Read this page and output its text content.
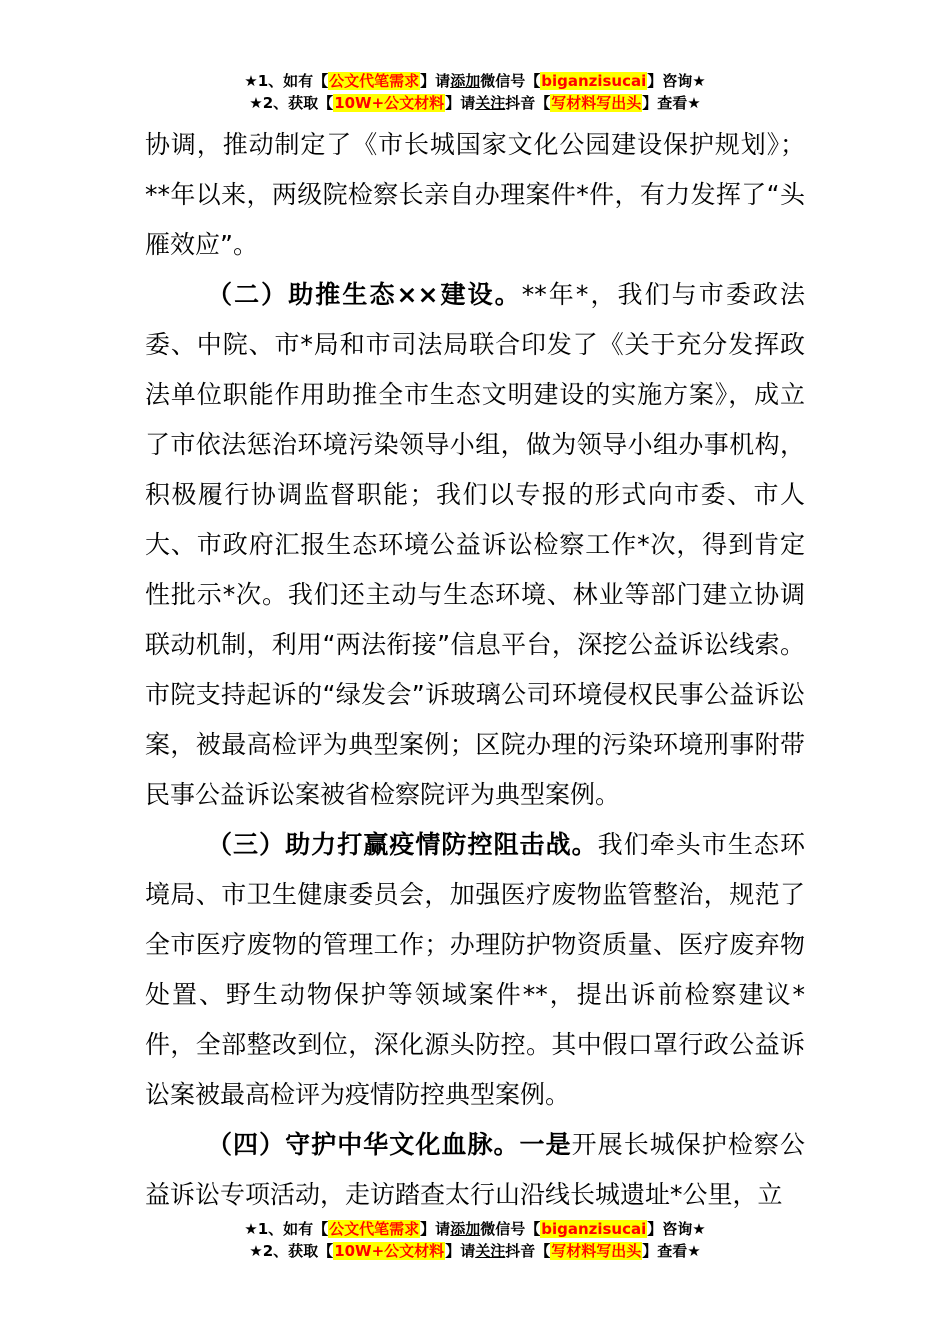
★1、如有【公文代笔需求】请添加微信号【biganzisucai】咨询★
★2、获取【10W+公文材料】请关注抖音【写材料写出头】查看★

协调，推动制定了《市长城国家文化公园建设保护规划》；**年以来，两级院检察长亲自办理案件*件，有力发挥了“头雁效应”。

（二）助推生态××建设。**年*，我们与市委政法委、中院、市*局和市司法局联合印发了《关于充分发挥政法单位职能作用助推全市生态文明建设的实施方案》，成立了市依法惩治环境污染领导小组，做为领导小组办事机构，积极履行协调监督职能；我们以专报的形式向市委、市人大、市政府汇报生态环境公益诉讼检察工作*次，得到肯定性批示*次。我们还主动与生态环境、林业等部门建立协调联动机制，利用“两法衔接”信息平台，深挖公益诉讼线索。市院支持起诉的“绿发会”诉玻璃公司环境侵权民事公益诉讼案，被最高检评为典型案例；区院办理的污染环境刑事附带民事公益诉讼案被省检察院评为典型案例。

（三）助力打赢疫情防控阻击战。我们牵头市生态环境局、市卫生健康委员会，加强医疗废物监管整治，规范了全市医疗废物的管理工作；办理防护物资质量、医疗废弃物处置、野生动物保护等领域案件**，提出诉前检察建议*件，全部整改到位，深化源头防控。其中假口罩行政公益诉讼案被最高检评为疫情防控典型案例。

（四）守护中华文化血脉。一是开展长城保护检察公益诉讼专项活动，走访踏查太行山沿线长城遗址*公里，立

★1、如有【公文代笔需求】请添加微信号【biganzisucai】咨询★
★2、获取【10W+公文材料】请关注抖音【写材料写出头】查看★
